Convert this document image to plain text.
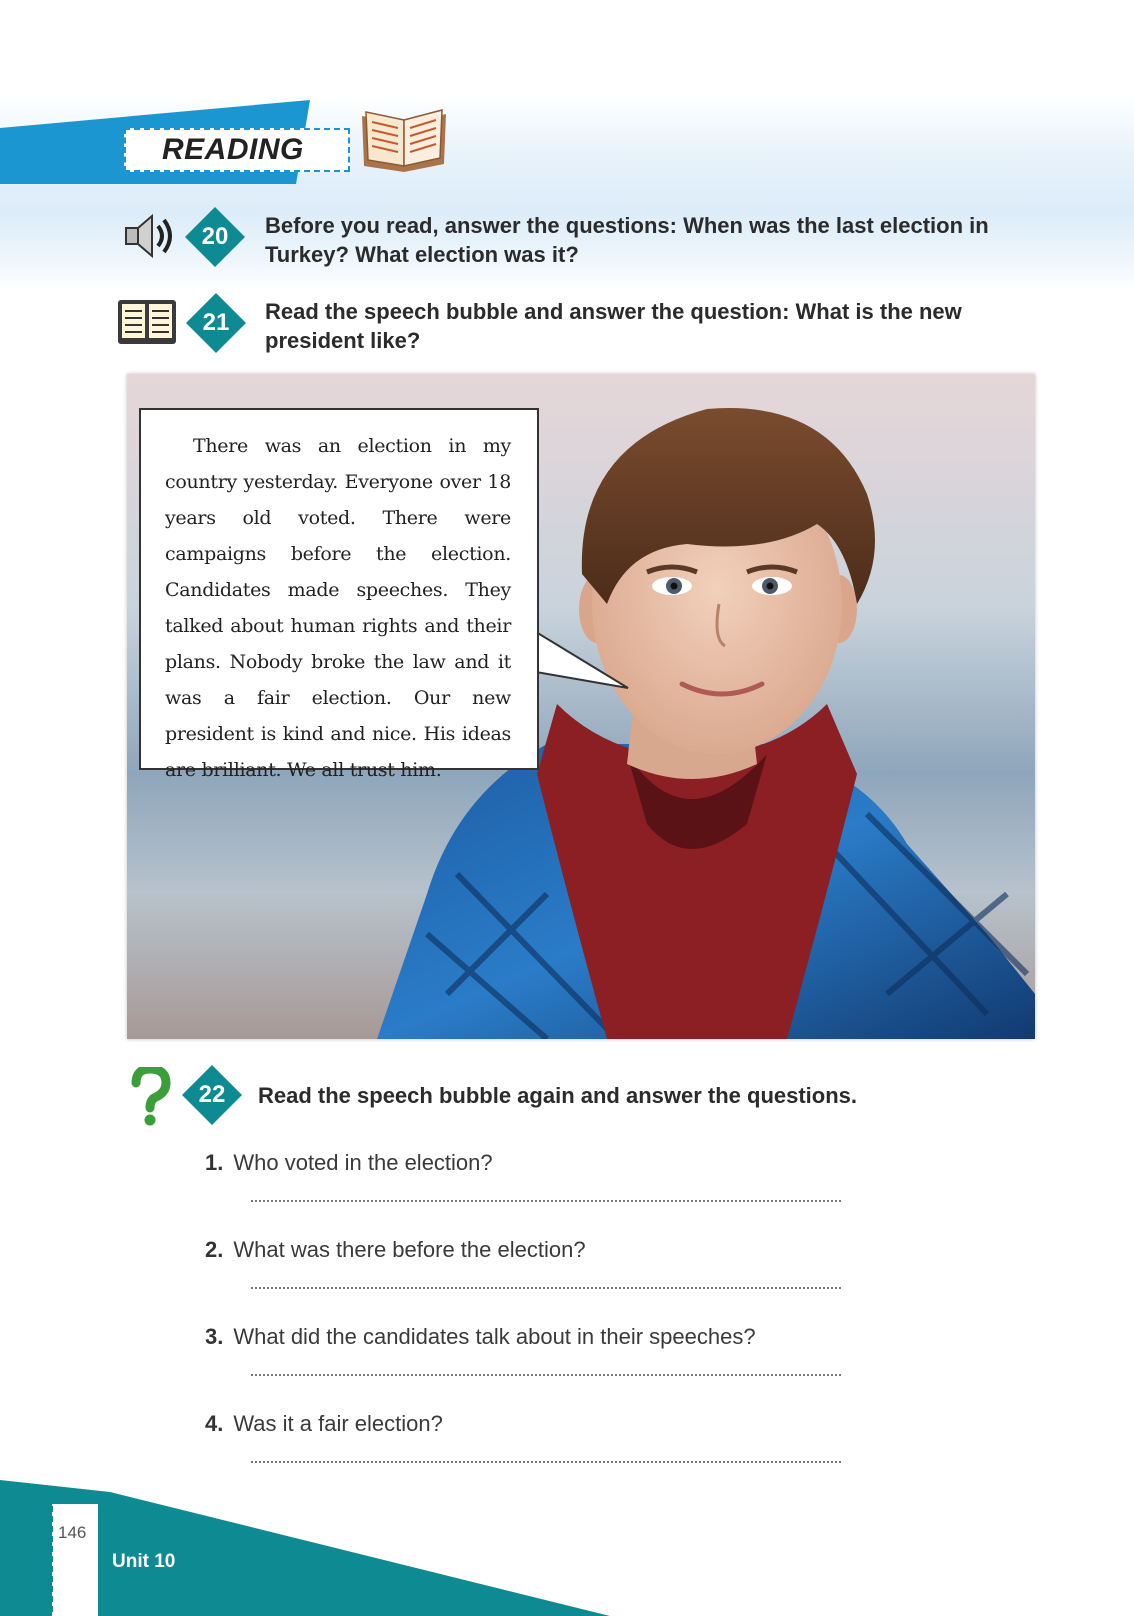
READING
20	Before you read, answer the questions: When was the last election in Turkey? What election was it?
21	Read the speech bubble and answer the question: What is the new president like?

There was an election in my country yesterday. Everyone over 18 years old voted. There were campaigns before the election. Candidates made speeches. They talked about human rights and their plans. Nobody broke the law and it was a fair election. Our new president is kind and nice. His ideas are brilliant. We all trust him.

22	Read the speech bubble again and answer the questions.
1. Who voted in the election?
2. What was there before the election?
3. What did the candidates talk about in their speeches?
4. Was it a fair election?
146
Unit 10
